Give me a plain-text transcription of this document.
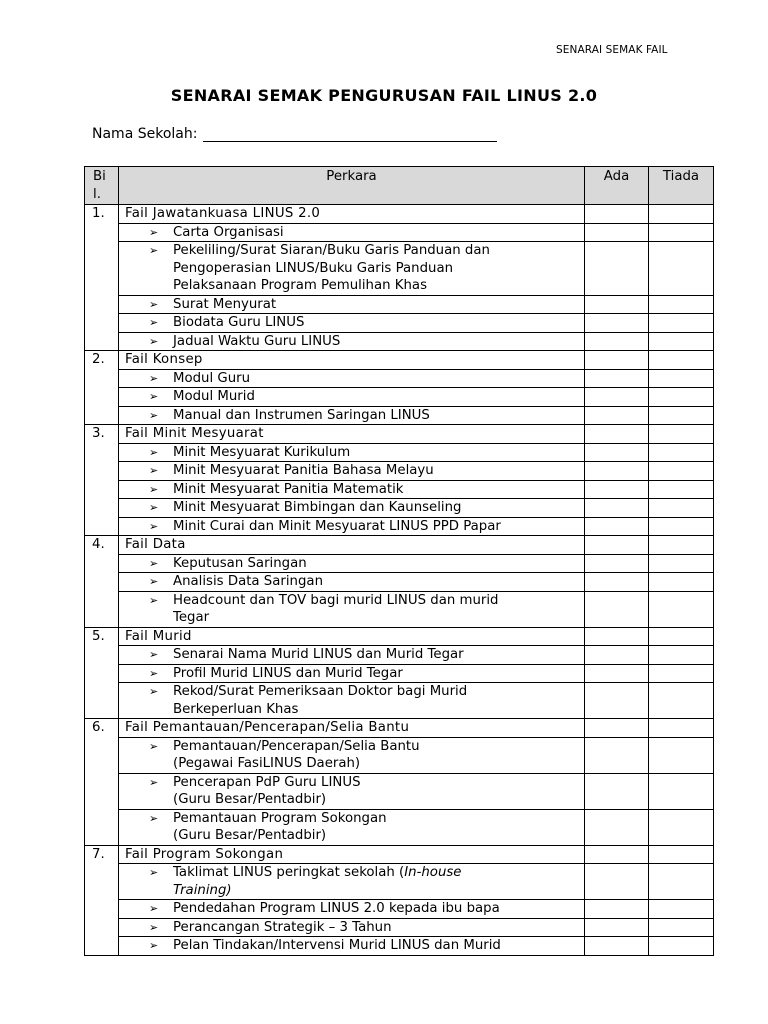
SENARAI SEMAK FAIL
SENARAI SEMAK PENGURUSAN FAIL LINUS 2.0
Nama Sekolah:
Bi
l.	Perkara	Ada	Tiada
1.	Fail Jawatankuasa LINUS 2.0		
	➢ Carta Organisasi		
	➢ Pekeliling/Surat Siaran/Buku Garis Panduan dan
Pengoperasian LINUS/Buku Garis Panduan
Pelaksanaan Program Pemulihan Khas		

	➢ Surat Menyurat		
	➢ Biodata Guru LINUS		
	➢ Jadual Waktu Guru LINUS		
2.	Fail Konsep		
	➢ Modul Guru		
	➢ Modul Murid		
	➢ Manual dan Instrumen Saringan LINUS		
3.	Fail Minit Mesyuarat		
	➢ Minit Mesyuarat Kurikulum		
	➢ Minit Mesyuarat Panitia Bahasa Melayu		
	➢ Minit Mesyuarat Panitia Matematik		
	➢ Minit Mesyuarat Bimbingan dan Kaunseling		
	➢ Minit Curai dan Minit Mesyuarat LINUS PPD Papar		
4.	Fail Data		
	➢ Keputusan Saringan		
	➢ Analisis Data Saringan		
	➢ Headcount dan TOV bagi murid LINUS dan murid
Tegar		

5.	Fail Murid		
	➢ Senarai Nama Murid LINUS dan Murid Tegar		
	➢ Profil Murid LINUS dan Murid Tegar		
	➢ Rekod/Surat Pemeriksaan Doktor bagi Murid
Berkeperluan Khas		

6.	Fail Pemantauan/Pencerapan/Selia Bantu		
	➢ Pemantauan/Pencerapan/Selia Bantu
(Pegawai FasiLINUS Daerah)		

	➢ Pencerapan PdP Guru LINUS
(Guru Besar/Pentadbir)		

	➢ Pemantauan Program Sokongan
(Guru Besar/Pentadbir)		

7.	Fail Program Sokongan		
	➢ Taklimat LINUS peringkat sekolah (In-house
Training)		

	➢ Pendedahan Program LINUS 2.0 kepada ibu bapa		
	➢ Perancangan Strategik – 3 Tahun		
	➢ Pelan Tindakan/Intervensi Murid LINUS dan Murid		
